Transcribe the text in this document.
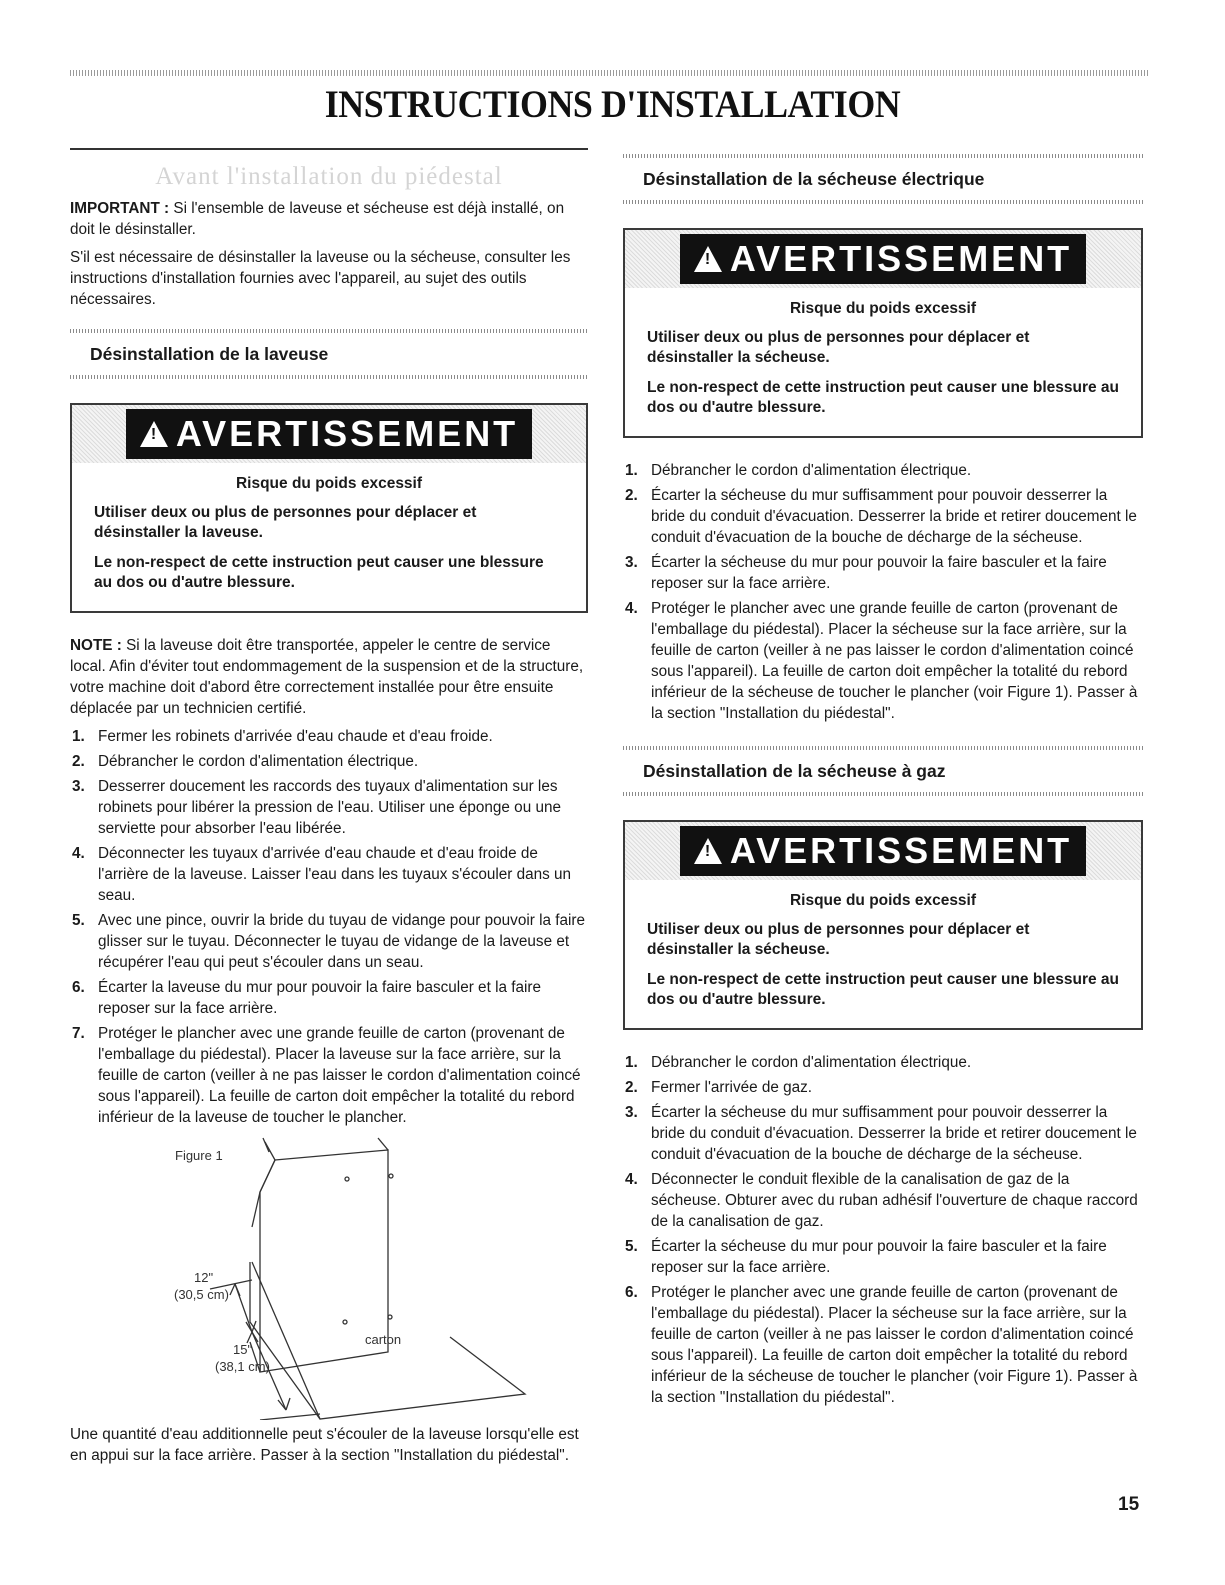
INSTRUCTIONS D'INSTALLATION
Avant l'installation du piédestal

IMPORTANT : Si l'ensemble de laveuse et sécheuse est déjà installé, on doit le désinstaller.

S'il est nécessaire de désinstaller la laveuse ou la sécheuse, consulter les instructions d'installation fournies avec l'appareil, au sujet des outils nécessaires.

Désinstallation de la laveuse
!
AVERTISSEMENT
Risque du poids excessif
Utiliser deux ou plus de personnes pour déplacer et désinstaller la laveuse.
Le non-respect de cette instruction peut causer une blessure au dos ou d'autre blessure.

NOTE : Si la laveuse doit être transportée, appeler le centre de service local. Afin d'éviter tout endommagement de la suspension et de la structure, votre machine doit d'abord être correctement installée pour être ensuite déplacée par un technicien certifié.

1. Fermer les robinets d'arrivée d'eau chaude et d'eau froide.
2. Débrancher le cordon d'alimentation électrique.
3. Desserrer doucement les raccords des tuyaux d'alimentation sur les robinets pour libérer la pression de l'eau. Utiliser une éponge ou une serviette pour absorber l'eau libérée.
4. Déconnecter les tuyaux d'arrivée d'eau chaude et d'eau froide de l'arrière de la laveuse. Laisser l'eau dans les tuyaux s'écouler dans un seau.
5. Avec une pince, ouvrir la bride du tuyau de vidange pour pouvoir la faire glisser sur le tuyau. Déconnecter le tuyau de vidange de la laveuse et récupérer l'eau qui peut s'écouler dans un seau.
6. Écarter la laveuse du mur pour pouvoir la faire basculer et la faire reposer sur la face arrière.
7. Protéger le plancher avec une grande feuille de carton (provenant de l'emballage du piédestal). Placer la laveuse sur la face arrière, sur la feuille de carton (veiller à ne pas laisser le cordon d'alimentation coincé sous l'appareil). La feuille de carton doit empêcher la totalité du rebord inférieur de la laveuse de toucher le plancher.
Figure 1
12"
(30,5 cm)
15"
(38,1 cm)
carton

Une quantité d'eau additionnelle peut s'écouler de la laveuse lorsqu'elle est en appui sur la face arrière. Passer à la section "Installation du piédestal".

Désinstallation de la sécheuse électrique
!
AVERTISSEMENT
Risque du poids excessif
Utiliser deux ou plus de personnes pour déplacer et désinstaller la sécheuse.
Le non-respect de cette instruction peut causer une blessure au dos ou d'autre blessure.
1. Débrancher le cordon d'alimentation électrique.
2. Écarter la sécheuse du mur suffisamment pour pouvoir desserrer la bride du conduit d'évacuation. Desserrer la bride et retirer doucement le conduit d'évacuation de la bouche de décharge de la sécheuse.
3. Écarter la sécheuse du mur pour pouvoir la faire basculer et la faire reposer sur la face arrière.
4. Protéger le plancher avec une grande feuille de carton (provenant de l'emballage du piédestal). Placer la sécheuse sur la face arrière, sur la feuille de carton (veiller à ne pas laisser le cordon d'alimentation coincé sous l'appareil). La feuille de carton doit empêcher la totalité du rebord inférieur de la sécheuse de toucher le plancher (voir Figure 1). Passer à la section "Installation du piédestal".
Désinstallation de la sécheuse à gaz
!
AVERTISSEMENT
Risque du poids excessif
Utiliser deux ou plus de personnes pour déplacer et désinstaller la sécheuse.
Le non-respect de cette instruction peut causer une blessure au dos ou d'autre blessure.
1. Débrancher le cordon d'alimentation électrique.
2. Fermer l'arrivée de gaz.
3. Écarter la sécheuse du mur suffisamment pour pouvoir desserrer la bride du conduit d'évacuation. Desserrer la bride et retirer doucement le conduit d'évacuation de la bouche de décharge de la sécheuse.
4. Déconnecter le conduit flexible de la canalisation de gaz de la sécheuse. Obturer avec du ruban adhésif l'ouverture de chaque raccord de la canalisation de gaz.
5. Écarter la sécheuse du mur pour pouvoir la faire basculer et la faire reposer sur la face arrière.
6. Protéger le plancher avec une grande feuille de carton (provenant de l'emballage du piédestal). Placer la sécheuse sur la face arrière, sur la feuille de carton (veiller à ne pas laisser le cordon d'alimentation coincé sous l'appareil). La feuille de carton doit empêcher la totalité du rebord inférieur de la sécheuse de toucher le plancher (voir Figure 1). Passer à la section "Installation du piédestal".
15
